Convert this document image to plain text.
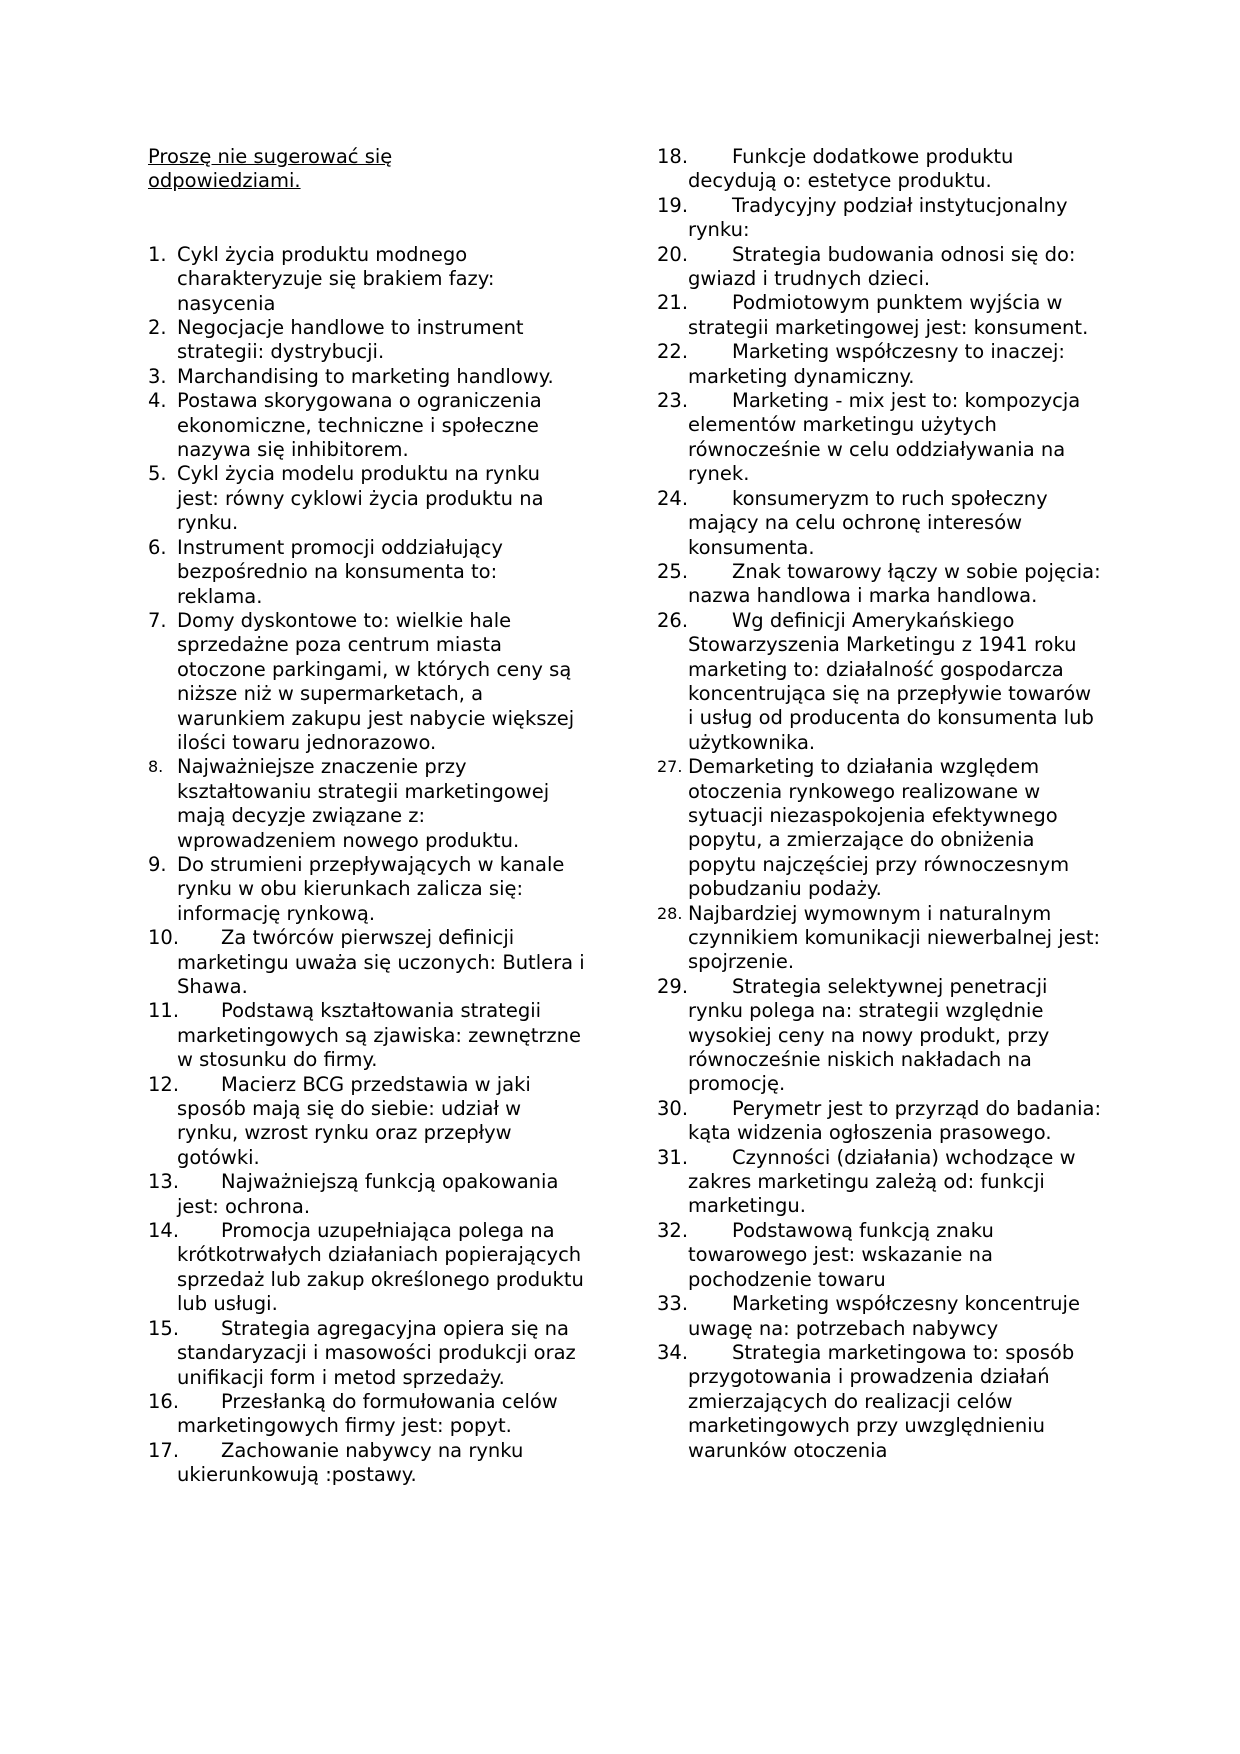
Proszę nie sugerować się odpowiedziami.
1. Cykl życia produktu modnego charakteryzuje się brakiem fazy: nasycenia
2. Negocjacje handlowe to instrument strategii: dystrybucji.
3. Marchandising to marketing handlowy.
4. Postawa skorygowana o ograniczenia ekonomiczne, techniczne i społeczne nazywa się inhibitorem.
5. Cykl życia modelu produktu na rynku jest: równy cyklowi życia produktu na rynku.
6. Instrument promocji oddziałujący bezpośrednio na konsumenta to: reklama.
7. Domy dyskontowe to: wielkie hale sprzedażne poza centrum miasta otoczone parkingami, w których ceny są niższe niż w supermarketach, a warunkiem zakupu jest nabycie większej ilości towaru jednorazowo.
8. Najważniejsze znaczenie przy kształtowaniu strategii marketingowej mają decyzje związane z: wprowadzeniem nowego produktu.
9. Do strumieni przepływających w kanale rynku w obu kierunkach zalicza się: informację rynkową.
10. Za twórców pierwszej definicji marketingu uważa się uczonych: Butlera i Shawa.
11. Podstawą kształtowania strategii marketingowych są zjawiska: zewnętrzne w stosunku do firmy.
12. Macierz BCG przedstawia w jaki sposób mają się do siebie: udział w rynku, wzrost rynku oraz przepływ gotówki.
13. Najważniejszą funkcją opakowania jest: ochrona.
14. Promocja uzupełniająca polega na krótkotrwałych działaniach popierających sprzedaż lub zakup określonego produktu lub usługi.
15. Strategia agregacyjna opiera się na standaryzacji i masowości produkcji oraz unifikacji form i metod sprzedaży.
16. Przesłanką do formułowania celów marketingowych firmy jest: popyt.
17. Zachowanie nabywcy na rynku ukierunkowują :postawy.
18. Funkcje dodatkowe produktu decydują o: estetyce produktu.
19. Tradycyjny podział instytucjonalny rynku:
20. Strategia budowania odnosi się do: gwiazd i trudnych dzieci.
21. Podmiotowym punktem wyjścia w strategii marketingowej jest: konsument.
22. Marketing współczesny to inaczej: marketing dynamiczny.
23. Marketing - mix jest to: kompozycja elementów marketingu użytych równocześnie w celu oddziaływania na rynek.
24. konsumeryzm to ruch społeczny mający na celu ochronę interesów konsumenta.
25. Znak towarowy łączy w sobie pojęcia: nazwa handlowa i marka handlowa.
26. Wg definicji Amerykańskiego Stowarzyszenia Marketingu z 1941 roku marketing to: działalność gospodarcza koncentrująca się na przepływie towarów i usług od producenta do konsumenta lub użytkownika.
27. Demarketing to działania względem otoczenia rynkowego realizowane w sytuacji niezaspokojenia efektywnego popytu, a zmierzające do obniżenia popytu najczęściej przy równoczesnym pobudzaniu podaży.
28. Najbardziej wymownym i naturalnym czynnikiem komunikacji niewerbalnej jest: spojrzenie.
29. Strategia selektywnej penetracji rynku polega na: strategii względnie wysokiej ceny na nowy produkt, przy równocześnie niskich nakładach na promocję.
30. Perymetr jest to przyrząd do badania: kąta widzenia ogłoszenia prasowego.
31. Czynności (działania) wchodzące w zakres marketingu zależą od: funkcji marketingu.
32. Podstawową funkcją znaku towarowego jest: wskazanie na pochodzenie towaru
33. Marketing współczesny koncentruje uwagę na: potrzebach nabywcy
34. Strategia marketingowa to: sposób przygotowania i prowadzenia działań zmierzających do realizacji celów marketingowych przy uwzględnieniu warunków otoczenia
